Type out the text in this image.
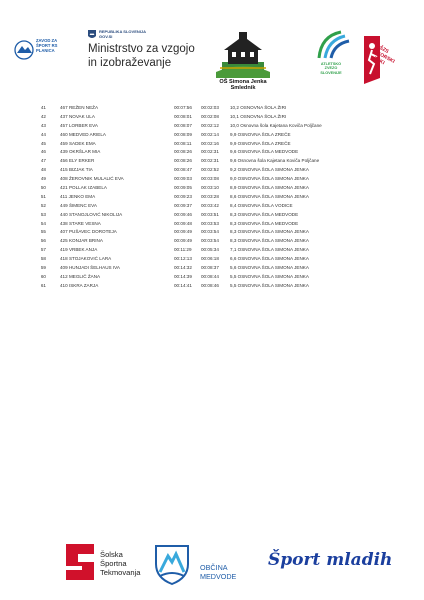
ZAVOD ZA
ŠPORT RS
PLANICA
REPUBLIKA SLOVENIJA
GOV.SI
Ministrstvo za vzgojo
in izobraževanje
OŠ Simona Jenka
Smlednik
ATLETSKO
ZVEZO
SLOVENIJE
ŠZS
GORSKI
TEKI
41	467 REŽEN NEŽA	00:07:56 00:02:03 10,2 OSNOVNA ŠOLA ŽIRI
42	437 NOVAK ULA	00:08:01 00:02:08 10,1 OSNOVNA ŠOLA ŽIRI
43	457 LORBER EVA	00:08:07 00:02:12 10,0 Osnovna šola Kajetana Koviča Poljčane
44	460 MEDVED ARIELA	00:08:09 00:02:14 9,9 OSNOVNA ŠOLA ZREČE
45	459 SADEK EMA	00:08:11 00:02:16 9,9 OSNOVNA ŠOLA ZREČE
46	439 OKRŠLAR MIA	00:08:26 00:02:31 9,6 OSNOVNA ŠOLA MEDVODE
47	456 ELY ERKER	00:08:26 00:02:31 9,6 Osnovna šola Kajetana Koviča Poljčane
48	415 BIZJAK TIA	00:08:47 00:02:52 9,2 OSNOVNA ŠOLA SIMONA JENKA
49	408 ŽEROVNIK MULALIĆ EVA	00:09:03 00:03:08 9,0 OSNOVNA ŠOLA SIMONA JENKA
50	421 POLLAK IZABELA	00:09:05 00:03:10 8,9 OSNOVNA ŠOLA SIMONA JENKA
51	411 JENKO EMA	00:09:23 00:03:28 8,6 OSNOVNA ŠOLA SIMONA JENKA
52	449 ŠIMENC EVA	00:09:37 00:03:42 8,4 OSNOVNA ŠOLA VODICE
53	440 STANOJLOVIĆ NIKOLIJA	00:09:46 00:03:51 8,3 OSNOVNA ŠOLA MEDVODE
54	438 STARE VESNA	00:09:48 00:03:53 8,3 OSNOVNA ŠOLA MEDVODE
55	407 PUŠAVEC DOROTEJA	00:09:49 00:03:54 8,3 OSNOVNA ŠOLA SIMONA JENKA
56	425 KONJAR BRINA	00:09:49 00:03:54 8,3 OSNOVNA ŠOLA SIMONA JENKA
57	419 VRBEK ANJA	00:11:29 00:05:34 7,1 OSNOVNA ŠOLA SIMONA JENKA
58	418 STOJAKOVIĆ LARA	00:12:13 00:06:18 6,6 OSNOVNA ŠOLA SIMONA JENKA
59	409 HUNJADI ŠELHAUS IVA	00:14:32 00:08:37 5,6 OSNOVNA ŠOLA SIMONA JENKA
60	412 MEGLIČ ŽANA	00:14:39 00:08:44 5,5 OSNOVNA ŠOLA SIMONA JENKA
61	410 ISKRA ZARJA	00:14:41 00:08:46 5,5 OSNOVNA ŠOLA SIMONA JENKA
Šolska
Športna
Tekmovanja
OBČINA
MEDVODE
Šport mladih
